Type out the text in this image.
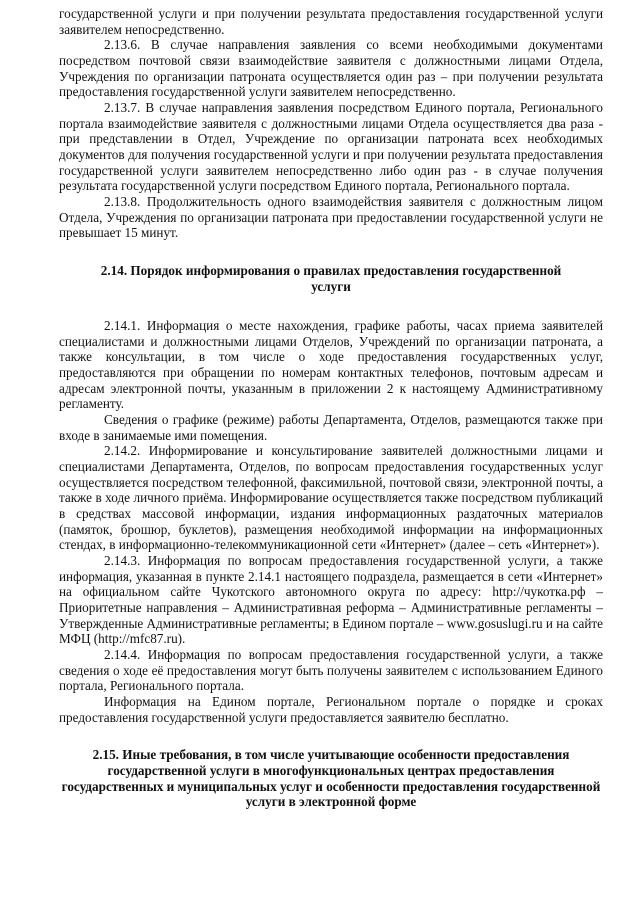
государственной услуги и при получении результата предоставления государственной услуги заявителем непосредственно.

2.13.6. В случае направления заявления со всеми необходимыми документами посредством почтовой связи взаимодействие заявителя с должностными лицами Отдела, Учреждения по организации патроната осуществляется один раз – при получении результата предоставления государственной услуги заявителем непосредственно.

2.13.7. В случае направления заявления посредством Единого портала, Регионального портала взаимодействие заявителя с должностными лицами Отдела осуществляется два раза - при представлении в Отдел, Учреждение по организации патроната всех необходимых документов для получения государственной услуги и при получении результата предоставления государственной услуги заявителем непосредственно либо один раз - в случае получения результата государственной услуги посредством Единого портала, Регионального портала.

2.13.8. Продолжительность одного взаимодействия заявителя с должностным лицом Отдела, Учреждения по организации патроната при предоставлении государственной услуги не превышает 15 минут.

2.14. Порядок информирования о правилах предоставления государственной услуги

2.14.1. Информация о месте нахождения, графике работы, часах приема заявителей специалистами и должностными лицами Отделов, Учреждений по организации патроната, а также консультации, в том числе о ходе предоставления государственных услуг, предоставляются при обращении по номерам контактных телефонов, почтовым адресам и адресам электронной почты, указанным в приложении 2 к настоящему Административному регламенту.

Сведения о графике (режиме) работы Департамента, Отделов, размещаются также при входе в занимаемые ими помещения.

2.14.2. Информирование и консультирование заявителей должностными лицами и специалистами Департамента, Отделов, по вопросам предоставления государственных услуг осуществляется посредством телефонной, факсимильной, почтовой связи, электронной почты, а также в ходе личного приёма. Информирование осуществляется также посредством публикаций в средствах массовой информации, издания информационных раздаточных материалов (памяток, брошюр, буклетов), размещения необходимой информации на информационных стендах, в информационно-телекоммуникационной сети «Интернет» (далее – сеть «Интернет»).

2.14.3. Информация по вопросам предоставления государственной услуги, а также информация, указанная в пункте 2.14.1 настоящего подраздела, размещается в сети «Интернет» на официальном сайте Чукотского автономного округа по адресу: http://чукотка.рф – Приоритетные направления – Административная реформа – Административные регламенты – Утвержденные Административные регламенты; в Едином портале – www.gosuslugi.ru и на сайте МФЦ (http://mfc87.ru).

2.14.4. Информация по вопросам предоставления государственной услуги, а также сведения о ходе её предоставления могут быть получены заявителем с использованием Единого портала, Регионального портала.

Информация на Едином портале, Региональном портале о порядке и сроках предоставления государственной услуги предоставляется заявителю бесплатно.

2.15. Иные требования, в том числе учитывающие особенности предоставления государственной услуги в многофункциональных центрах предоставления государственных и муниципальных услуг и особенности предоставления государственной услуги в электронной форме
